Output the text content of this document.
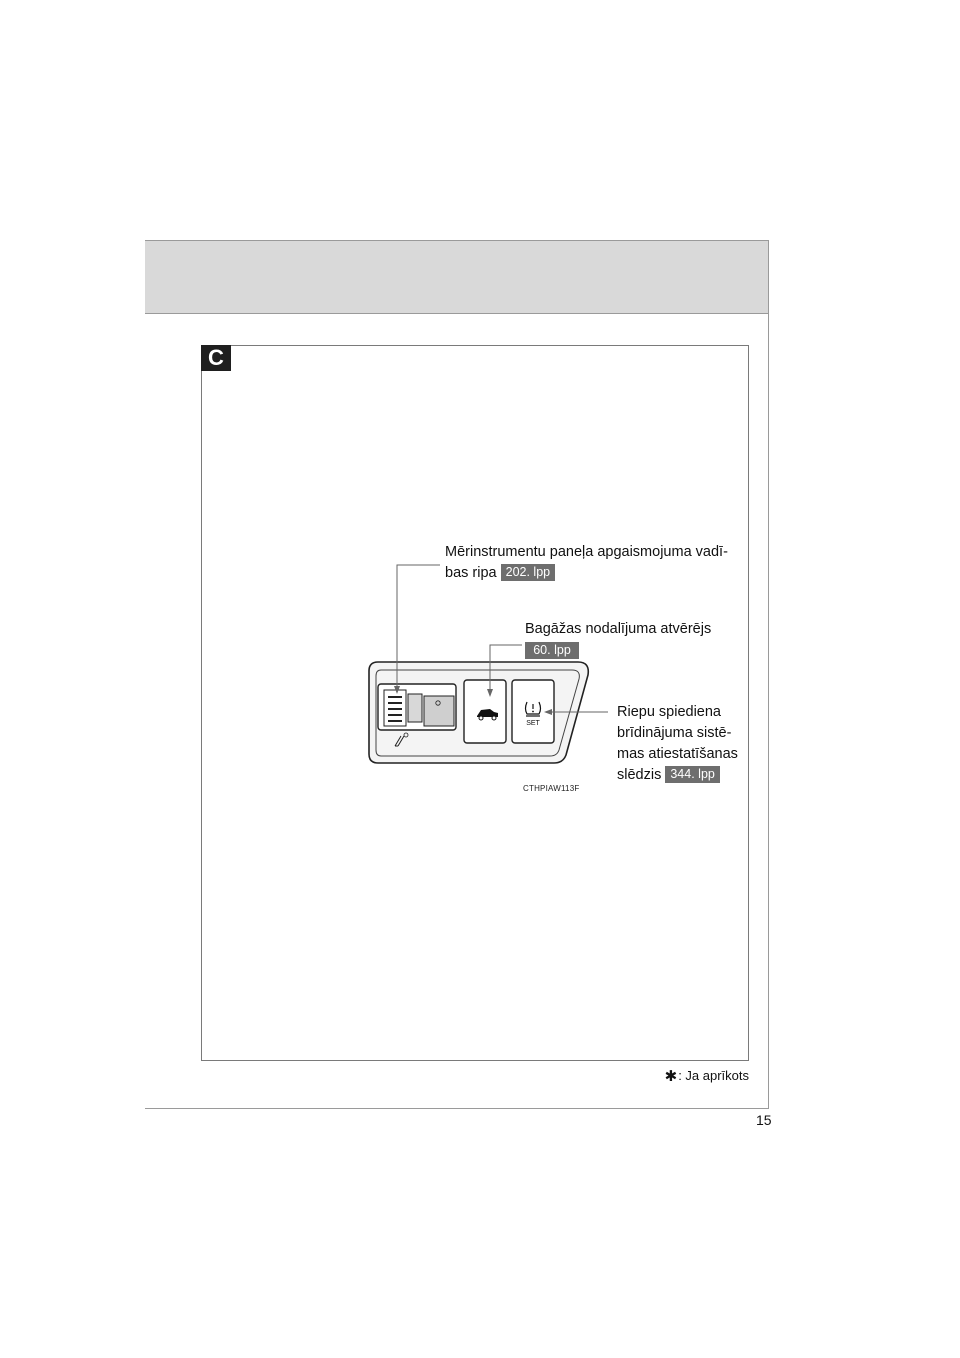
C
SET
Mērinstrumentu paneļa apgaismojuma vadī-
bas ripa 202. lpp
Bagāžas nodalījuma atvērējs
60. lpp
Riepu spiediena
brīdinājuma sistē-
mas atiestatīšanas
slēdzis 344. lpp
CTHPIAW113F
✱: Ja aprīkots
15
